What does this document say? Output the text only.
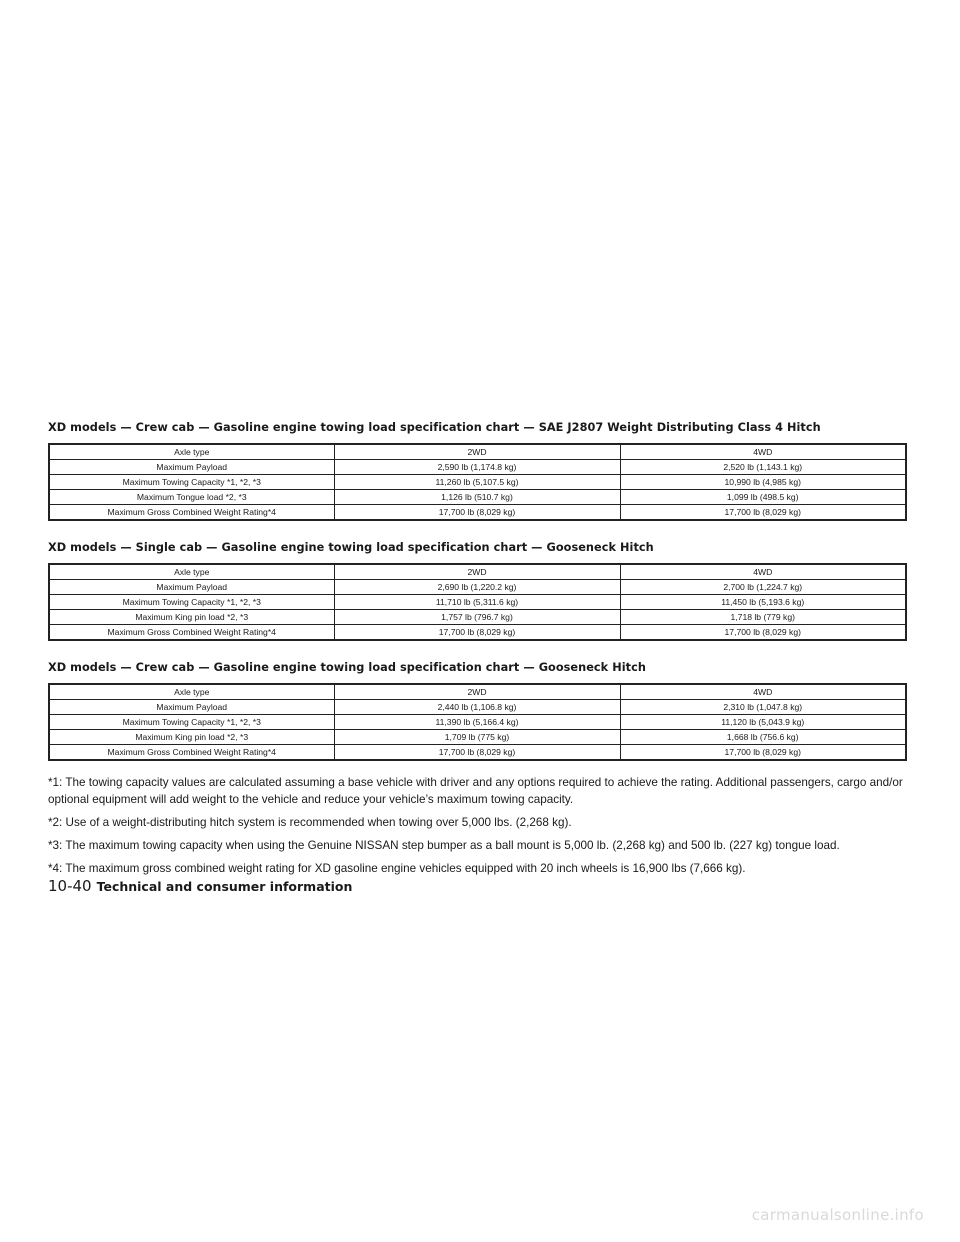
XD models — Crew cab — Gasoline engine towing load specification chart — SAE J2807 Weight Distributing Class 4 Hitch
Axle type	2WD	4WD
Maximum Payload	2,590 lb (1,174.8 kg)	2,520 lb (1,143.1 kg)
Maximum Towing Capacity *1, *2, *3	11,260 lb (5,107.5 kg)	10,990 lb (4,985 kg)
Maximum Tongue load *2, *3	1,126 lb (510.7 kg)	1,099 lb (498.5 kg)
Maximum Gross Combined Weight Rating*4	17,700 lb (8,029 kg)	17,700 lb (8,029 kg)
XD models — Single cab — Gasoline engine towing load specification chart — Gooseneck Hitch
Axle type	2WD	4WD
Maximum Payload	2,690 lb (1,220.2 kg)	2,700 lb (1,224.7 kg)
Maximum Towing Capacity *1, *2, *3	11,710 lb (5,311.6 kg)	11,450 lb (5,193.6 kg)
Maximum King pin load *2, *3	1,757 lb (796.7 kg)	1,718 lb (779 kg)
Maximum Gross Combined Weight Rating*4	17,700 lb (8,029 kg)	17,700 lb (8,029 kg)
XD models — Crew cab — Gasoline engine towing load specification chart — Gooseneck Hitch
Axle type	2WD	4WD
Maximum Payload	2,440 lb (1,106.8 kg)	2,310 lb (1,047.8 kg)
Maximum Towing Capacity *1, *2, *3	11,390 lb (5,166.4 kg)	11,120 lb (5,043.9 kg)
Maximum King pin load *2, *3	1,709 lb (775 kg)	1,668 lb (756.6 kg)
Maximum Gross Combined Weight Rating*4	17,700 lb (8,029 kg)	17,700 lb (8,029 kg)

*1: The towing capacity values are calculated assuming a base vehicle with driver and any options required to achieve the rating. Additional passengers, cargo and/or optional equipment will add weight to the vehicle and reduce your vehicle’s maximum towing capacity.

*2: Use of a weight-distributing hitch system is recommended when towing over 5,000 lbs. (2,268 kg).

*3: The maximum towing capacity when using the Genuine NISSAN step bumper as a ball mount is 5,000 lb. (2,268 kg) and 500 lb. (227 kg) tongue load.

*4: The maximum gross combined weight rating for XD gasoline engine vehicles equipped with 20 inch wheels is 16,900 lbs (7,666 kg).

10-40 Technical and consumer information
carmanualsonline.info
